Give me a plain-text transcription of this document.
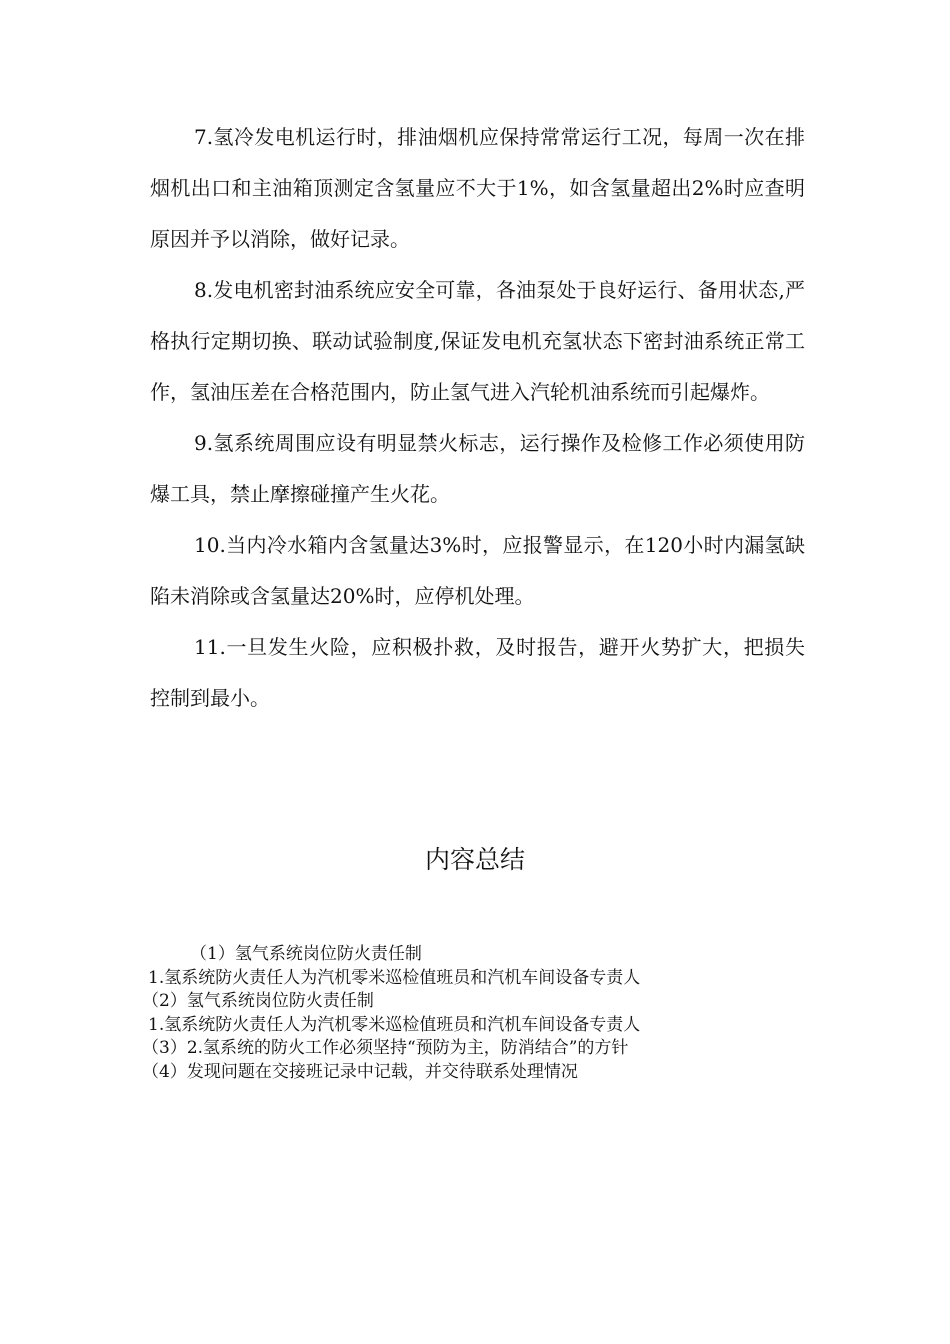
7.氢冷发电机运行时，排油烟机应保持常常运行工况，每周一次在排烟机出口和主油箱顶测定含氢量应不大于1%，如含氢量超出2%时应查明原因并予以消除，做好记录。

8.发电机密封油系统应安全可靠，各油泵处于良好运行、备用状态,严格执行定期切换、联动试验制度,保证发电机充氢状态下密封油系统正常工作，氢油压差在合格范围内，防止氢气进入汽轮机油系统而引起爆炸。

9.氢系统周围应设有明显禁火标志，运行操作及检修工作必须使用防爆工具，禁止摩擦碰撞产生火花。

10.当内冷水箱内含氢量达3%时，应报警显示，在120小时内漏氢缺陷未消除或含氢量达20%时，应停机处理。

11.一旦发生火险，应积极扑救，及时报告，避开火势扩大，把损失控制到最小。

内容总结

（1）氢气系统岗位防火责任制

1.氢系统防火责任人为汽机零米巡检值班员和汽机车间设备专责人

（2）氢气系统岗位防火责任制

1.氢系统防火责任人为汽机零米巡检值班员和汽机车间设备专责人

（3）2.氢系统的防火工作必须坚持“预防为主，防消结合”的方针

（4）发现问题在交接班记录中记载，并交待联系处理情况
